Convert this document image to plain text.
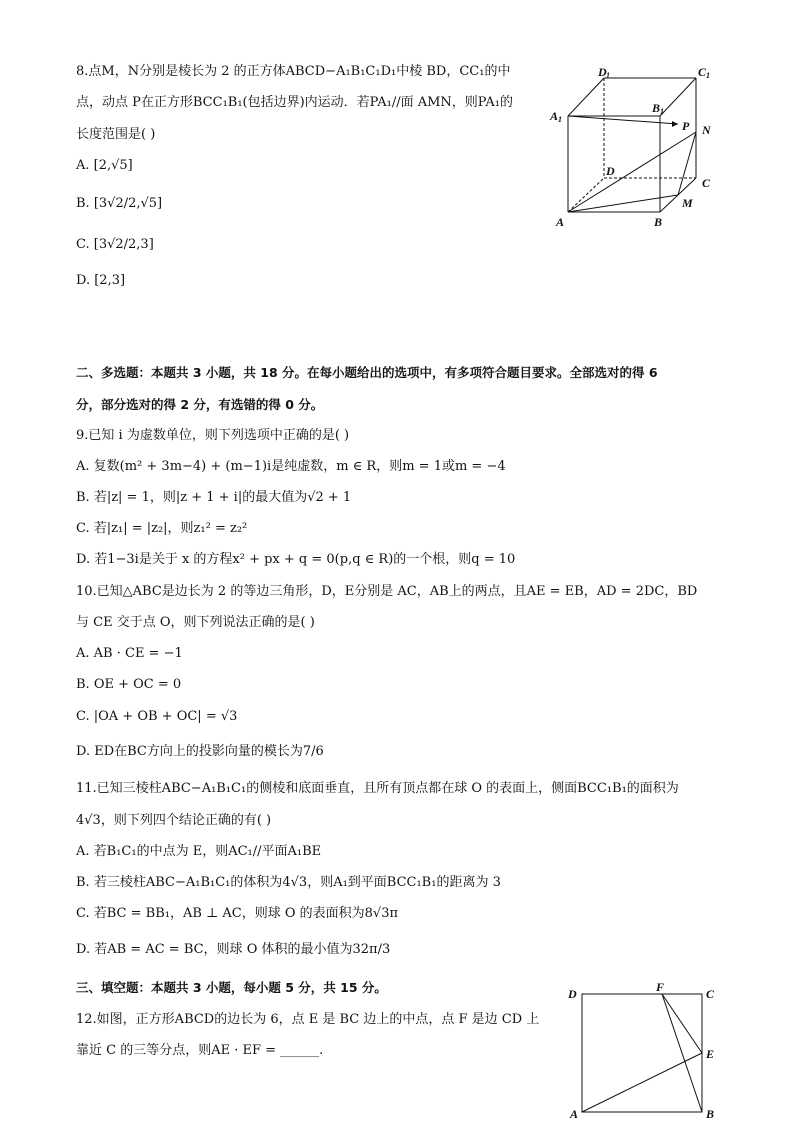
8.点M，N分别是棱长为 2 的正方体ABCD−A₁B₁C₁D₁中棱 BD，CC₁的中
点，动点 P在正方形BCC₁B₁(包括边界)内运动．若PA₁//面 AMN，则PA₁的
长度范围是( )
A. [2,√5]
B. [3√2/2,√5]
C. [3√2/2,3]
D. [2,3]
D 1	C 1
B 1
A 1	P N
D
C
M
A	B
二、多选题：本题共 3 小题，共 18 分。在每小题给出的选项中，有多项符合题目要求。全部选对的得 6
分，部分选对的得 2 分，有选错的得 0 分。
9.已知 i 为虚数单位，则下列选项中正确的是( )
A. 复数(m² + 3m−4) + (m−1)i是纯虚数，m ∈ R，则m = 1或m = −4
B. 若|z| = 1，则|z + 1 + i|的最大值为√2 + 1
C. 若|z₁| = |z₂|，则z₁² = z₂²
D. 若1−3i是关于 x 的方程x² + px + q = 0(p,q ∈ R)的一个根，则q = 10
10.已知△ABC是边长为 2 的等边三角形，D，E分别是 AC，AB上的两点，且AE = EB，AD = 2DC，BD
与 CE 交于点 O，则下列说法正确的是( )
A. AB · CE = −1
B. OE + OC = 0
C. |OA + OB + OC| = √3
D. ED在BC方向上的投影向量的模长为7/6
11.已知三棱柱ABC−A₁B₁C₁的侧棱和底面垂直，且所有顶点都在球 O 的表面上，侧面BCC₁B₁的面积为
4√3，则下列四个结论正确的有( )
A. 若B₁C₁的中点为 E，则AC₁//平面A₁BE
B. 若三棱柱ABC−A₁B₁C₁的体积为4√3，则A₁到平面BCC₁B₁的距离为 3
C. 若BC = BB₁，AB ⊥ AC，则球 O 的表面积为8√3π
D. 若AB = AC = BC，则球 O 体积的最小值为32π/3
三、填空题：本题共 3 小题，每小题 5 分，共 15 分。
12.如图，正方形ABCD的边长为 6，点 E 是 BC 边上的中点，点 F 是边 CD 上
靠近 C 的三等分点，则AE · EF = ______.
D	F	C
E
A	B
